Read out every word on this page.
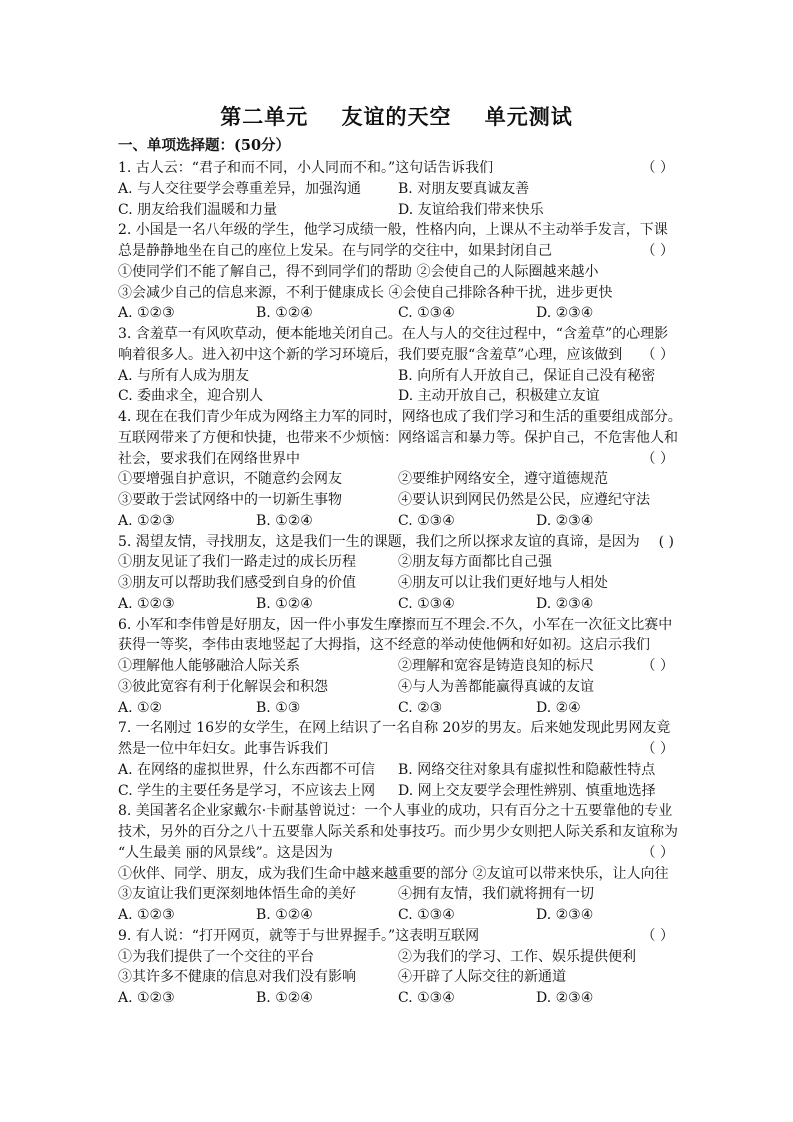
第二单元    友谊的天空    单元测试
一、单项选择题：(50分）
1. 古人云：“君子和而不同，小人同而不和。”这句话告诉我们	（ ）
A. 与人交往要学会尊重差异，加强沟通	B. 对朋友要真诚友善
C. 朋友给我们温暖和力量	D. 友谊给我们带来快乐
2. 小国是一名八年级的学生，他学习成绩一般，性格内向，上课从不主动举手发言，下课
总是静静地坐在自己的座位上发呆。在与同学的交往中，如果封闭自己	（ ）
①使同学们不能了解自己，得不到同学们的帮助 ②会使自己的人际圈越来越小
③会减少自己的信息来源，不利于健康成长 ④会使自己排除各种干扰，进步更快
A. ①②③	B. ①②④	C. ①③④	D. ②③④
3. 含羞草一有风吹草动，便本能地关闭自己。在人与人的交往过程中，“含羞草”的心理影
响着很多人。进入初中这个新的学习环境后，我们要克服“含羞草”心理，应该做到 （ ）
A. 与所有人成为朋友	B. 向所有人开放自己，保证自己没有秘密
C. 委曲求全，迎合别人	D. 主动开放自己，积极建立友谊
4. 现在在我们青少年成为网络主力军的同时，网络也成了我们学习和生活的重要组成部分。
互联网带来了方便和快捷，也带来不少烦恼：网络谣言和暴力等。保护自己，不危害他人和
社会，要求我们在网络世界中	（ ）
①要增强自护意识，不随意约会网友	②要维护网络安全，遵守道德规范
③要敢于尝试网络中的一切新生事物	④要认识到网民仍然是公民，应遵纪守法
A. ①②③	B. ①②④	C. ①③④	D. ②③④
5. 渴望友情，寻找朋友，这是我们一生的课题，我们之所以探求友谊的真谛，是因为 ( )
①朋友见证了我们一路走过的成长历程	②朋友每方面都比自己强
③朋友可以帮助我们感受到自身的价值	④朋友可以让我们更好地与人相处
A. ①②③	B. ①②④	C. ①③④	D. ②③④
6. 小军和李伟曾是好朋友，因一件小事发生摩擦而互不理会.不久，小军在一次征文比赛中
获得一等奖，李伟由衷地竖起了大拇指，这不经意的举动使他俩和好如初。这启示我们
①理解他人能够融洽人际关系	②理解和宽容是铸造良知的标尺	（ ）
③彼此宽容有利于化解误会和积怨	④与人为善都能赢得真诚的友谊
A. ①②	B. ①③	C. ②③	D. ②④
7. 一名刚过 16岁的女学生，在网上结识了一名自称 20岁的男友。后来她发现此男网友竟
然是一位中年妇女。此事告诉我们	（ ）
A. 在网络的虚拟世界，什么东西都不可信 B. 网络交往对象具有虚拟性和隐蔽性特点
C. 学生的主要任务是学习，不应该去上网 D. 网上交友要学会理性辨别、慎重地选择
8. 美国著名企业家戴尔·卡耐基曾说过：一个人事业的成功，只有百分之十五要靠他的专业
技术，另外的百分之八十五要靠人际关系和处事技巧。而少男少女则把人际关系和友谊称为
“人生最美 丽的风景线”。这是因为	（ ）
①伙伴、同学、朋友，成为我们生命中越来越重要的部分 ②友谊可以带来快乐，让人向往
③友谊让我们更深刻地体悟生命的美好	④拥有友情，我们就将拥有一切
A. ①②③	B. ①②④	C. ①③④	D. ②③④
9. 有人说：“打开网页，就等于与世界握手。”这表明互联网	（ ）
①为我们提供了一个交往的平台	②为我们的学习、工作、娱乐提供便利
③其许多不健康的信息对我们没有影响	④开辟了人际交往的新通道
A. ①②③	B. ①②④	C. ①③④	D. ②③④
